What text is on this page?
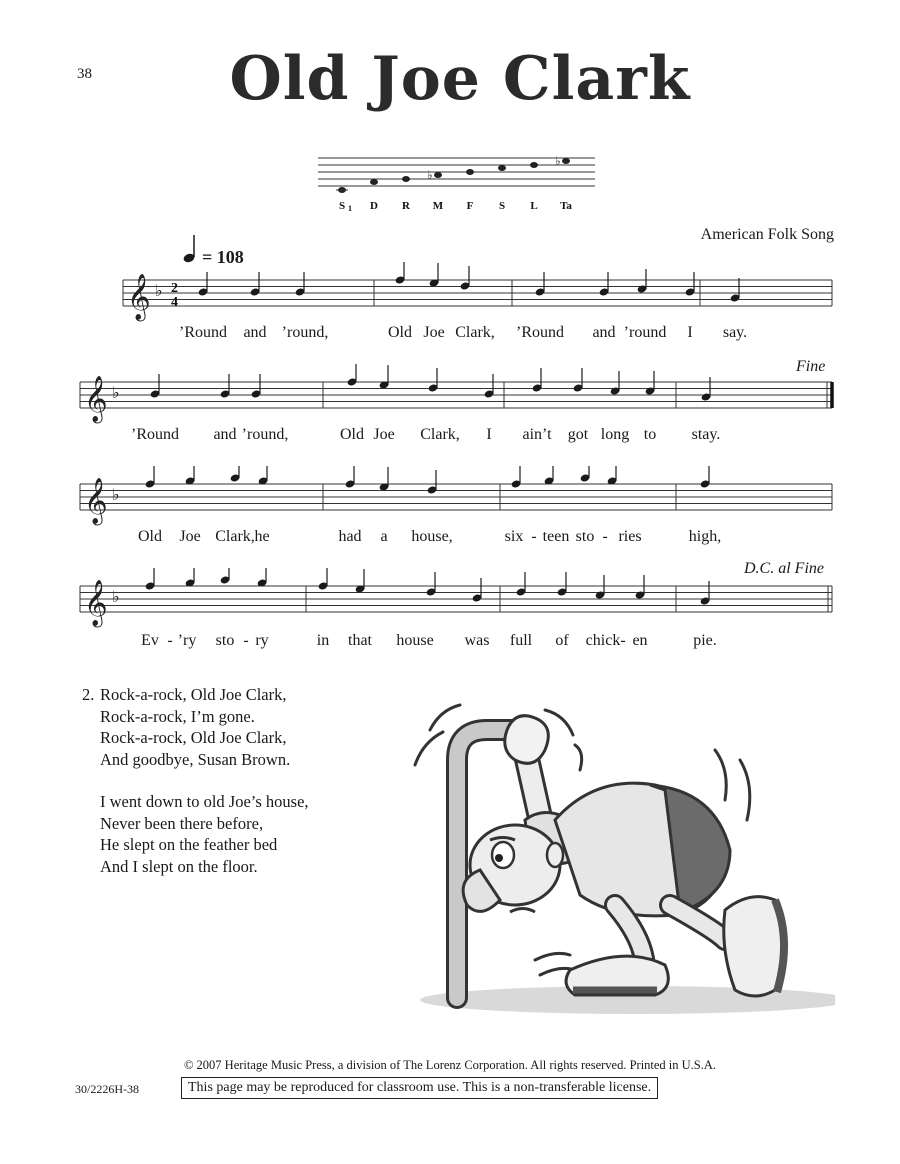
38	Old Joe Clark
S D R M F S L Ta
1
♭
♭
American Folk Song
= 108
𝄞 ♭ 2
4
𝄞 ♭
𝄞 ♭
𝄞 ♭
’Round and ’round,	Old Joe Clark, ’Round and ’round I say.
’Round and ’round,	Old Joe Clark, I ain’t got long to stay.
Old Joe Clark, he	had a house,	six - teen sto - ries	high,
Ev - ’ry sto - ry	in that house was full of chick - en	pie.
Fine
D.C. al Fine
2. Rock-a-rock, Old Joe Clark,
Rock-a-rock, I’m gone.
Rock-a-rock, Old Joe Clark,
And goodbye, Susan Brown.
I went down to old Joe’s house,
Never been there before,
He slept on the feather bed
And I slept on the floor.
© 2007 Heritage Music Press, a division of The Lorenz Corporation. All rights reserved. Printed in U.S.A.
30/2226H-38	This page may be reproduced for classroom use. This is a non-transferable license.
